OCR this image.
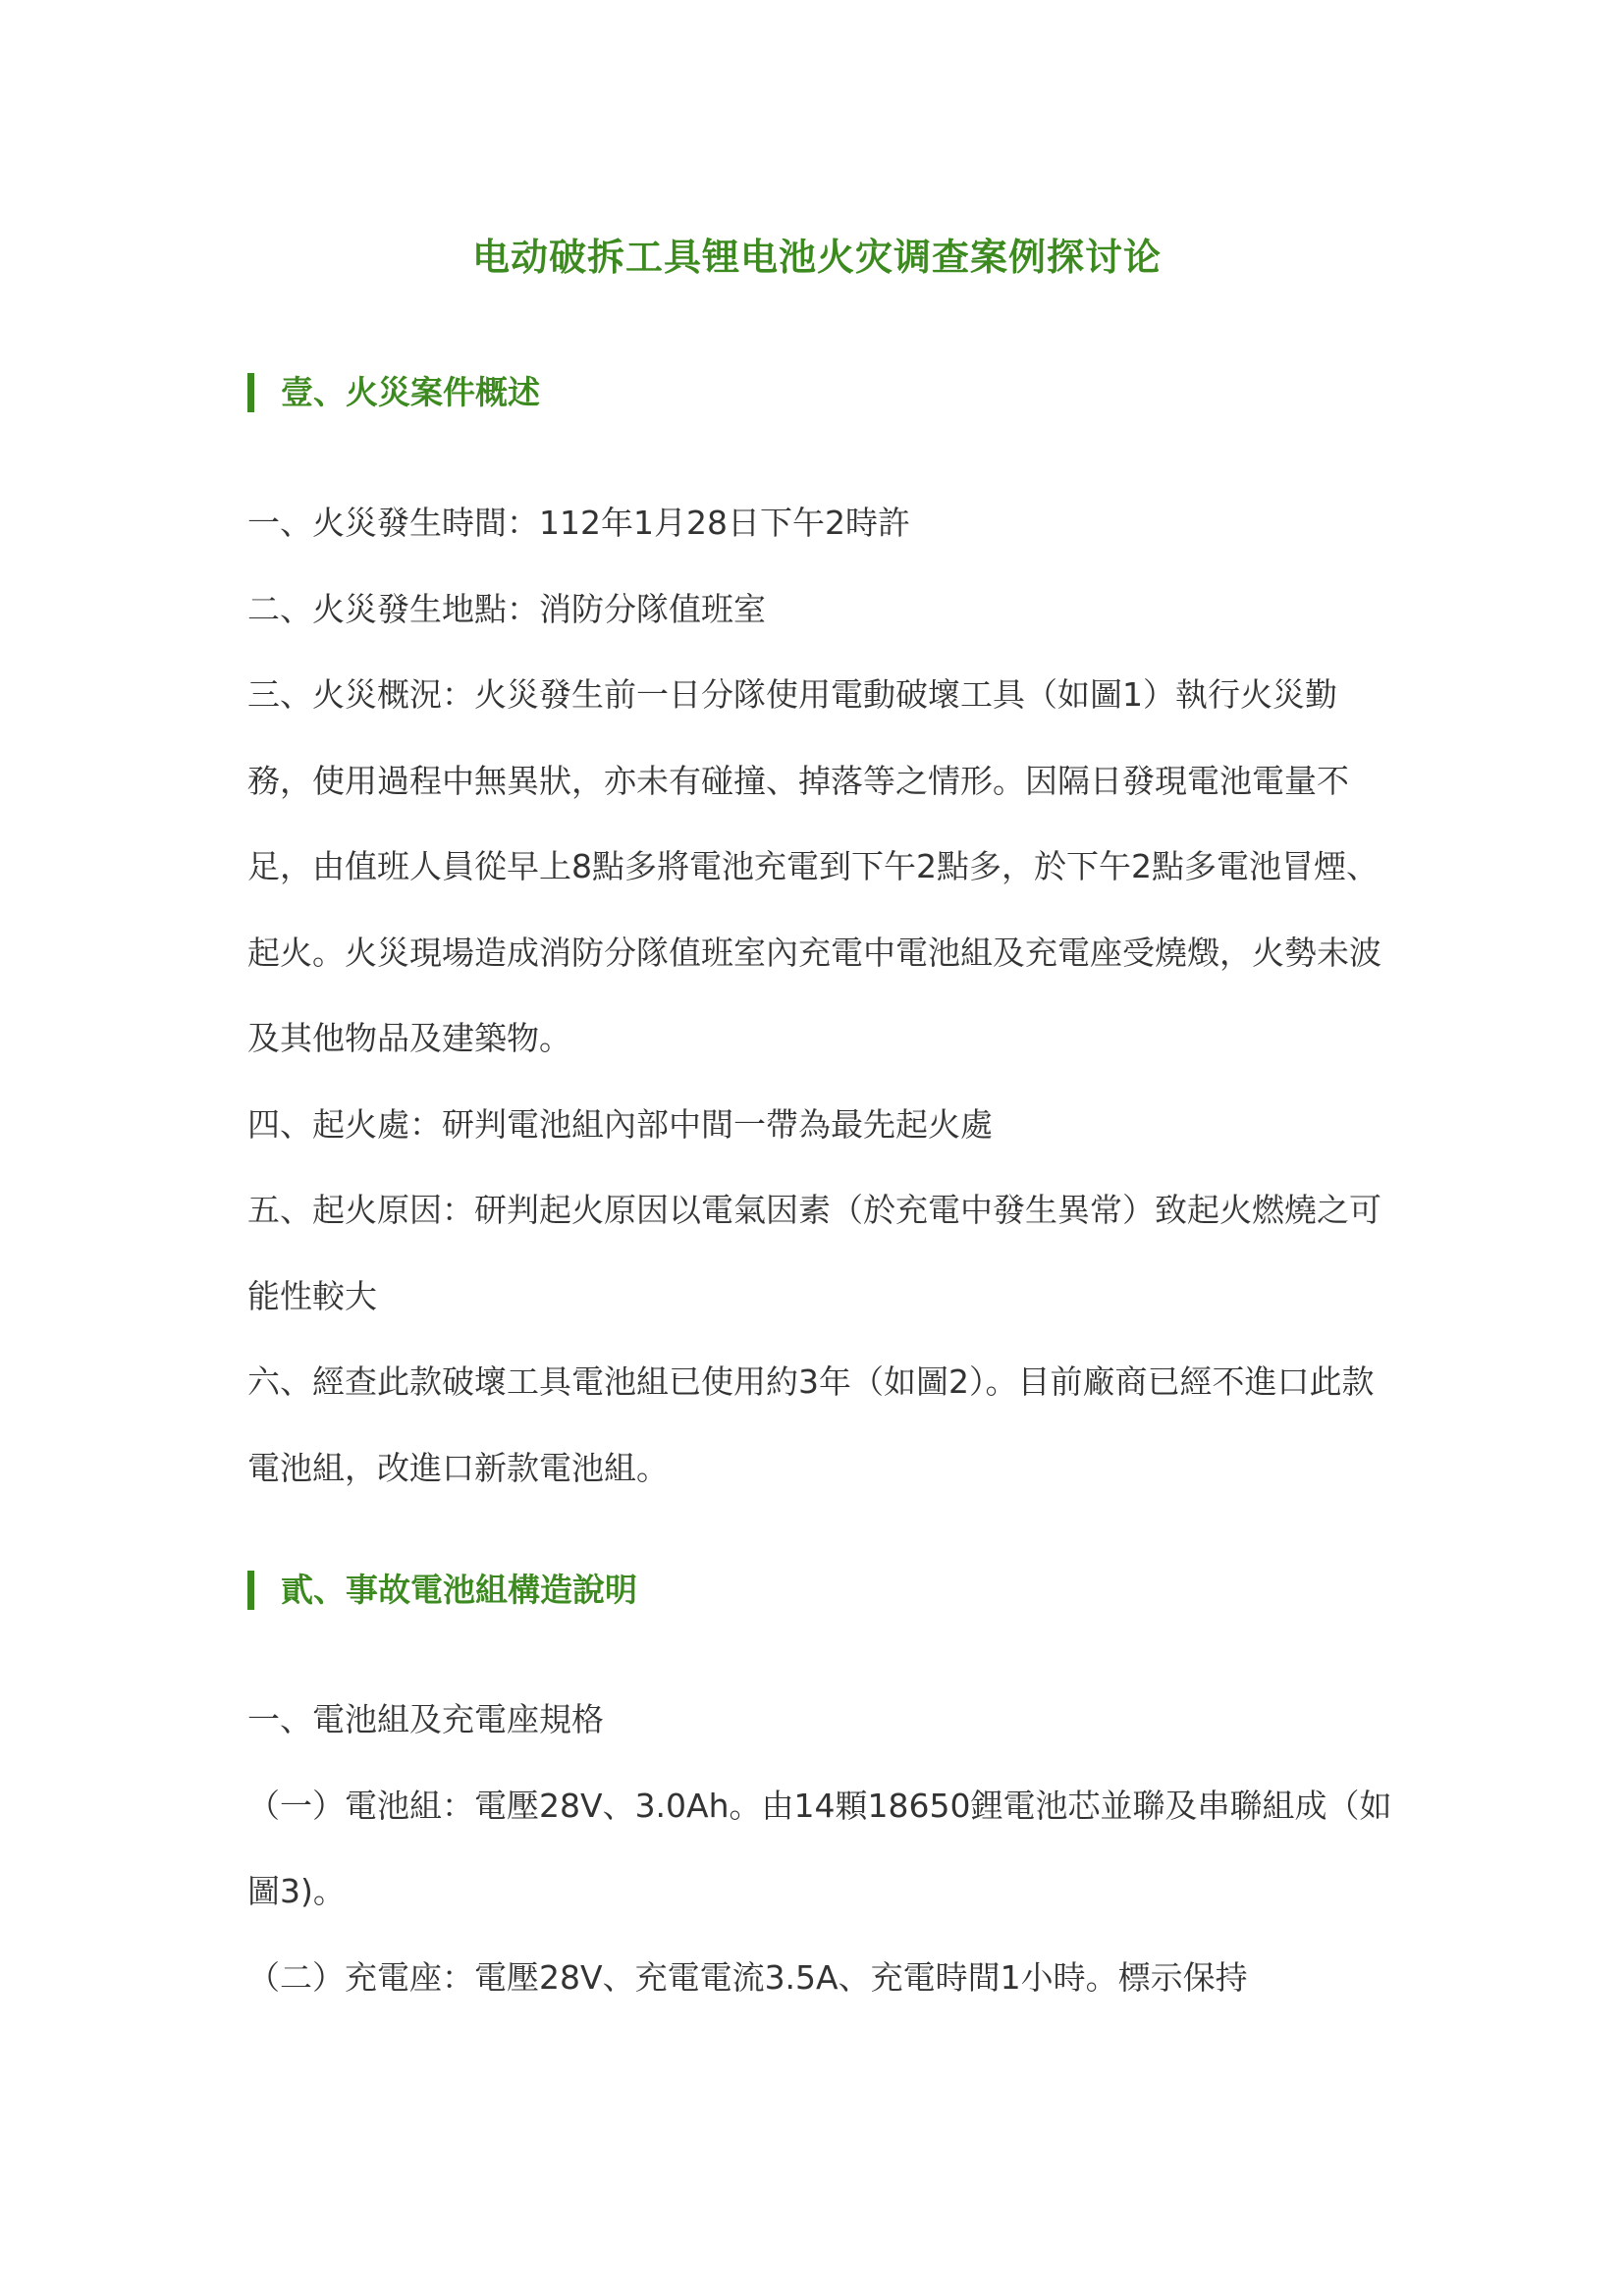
电动破拆工具锂电池火灾调查案例探讨论
壹、火災案件概述

一、火災發生時間：112年1月28日下午2時許

二、火災發生地點：消防分隊值班室

三、火災概況：火災發生前一日分隊使用電動破壞工具（如圖1）執行火災勤務，使用過程中無異狀，亦未有碰撞、掉落等之情形。因隔日發現電池電量不足，由值班人員從早上8點多將電池充電到下午2點多，於下午2點多電池冒煙、起火。火災現場造成消防分隊值班室內充電中電池組及充電座受燒燬，火勢未波及其他物品及建築物。

四、起火處：研判電池組內部中間一帶為最先起火處

五、起火原因：研判起火原因以電氣因素（於充電中發生異常）致起火燃燒之可能性較大

六、經查此款破壞工具電池組已使用約3年（如圖2）。目前廠商已經不進口此款電池組，改進口新款電池組。

貳、事故電池組構造說明

一、電池組及充電座規格

（一）電池組：電壓28V、3.0Ah。由14顆18650鋰電池芯並聯及串聯組成（如圖3)。

（二）充電座：電壓28V、充電電流3.5A、充電時間1小時。標示保持
